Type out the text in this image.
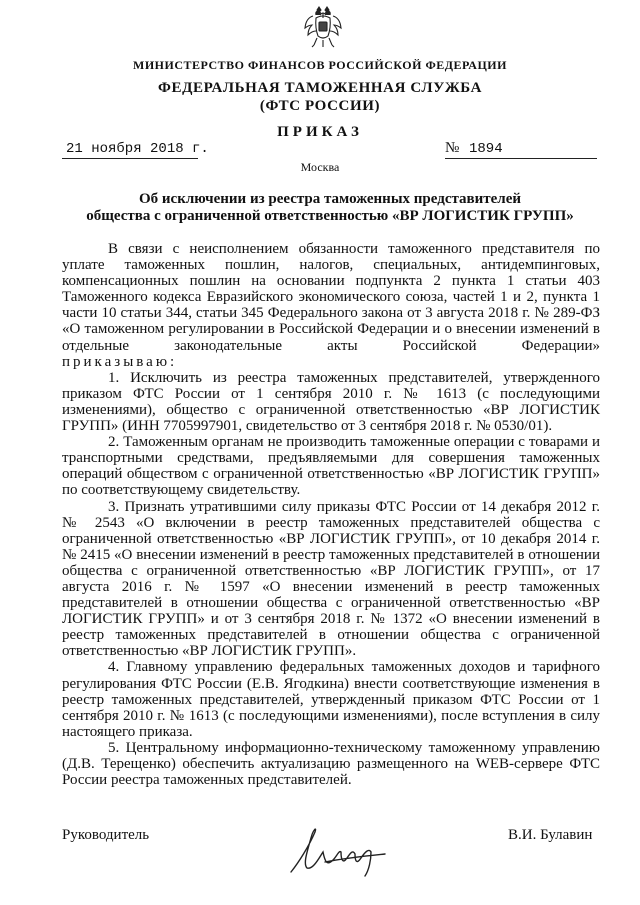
МИНИСТЕРСТВО ФИНАНСОВ РОССИЙСКОЙ ФЕДЕРАЦИИ
ФЕДЕРАЛЬНАЯ ТАМОЖЕННАЯ СЛУЖБА
(ФТС РОССИИ)
ПРИКАЗ
21 ноября 2018 г.	№ 1894
Москва
Об исключении из реестра таможенных представителей
общества с ограниченной ответственностью «ВР ЛОГИСТИК ГРУПП»

В связи с неисполнением обязанности таможенного представителя по уплате таможенных пошлин, налогов, специальных, антидемпинговых, компенсационных пошлин на основании подпункта 2 пункта 1 статьи 403 Таможенного кодекса Евразийского экономического союза, частей 1 и 2, пункта 1 части 10 статьи 344, статьи 345 Федерального закона от 3 августа 2018 г. № 289-ФЗ «О таможенном регулировании в Российской Федерации и о внесении изменений в отдельные законодательные акты Российской Федерации»

приказываю:

1. Исключить из реестра таможенных представителей, утвержденного приказом ФТС России от 1 сентября 2010 г. № 1613 (с последующими изменениями), общество с ограниченной ответственностью «ВР ЛОГИСТИК ГРУПП» (ИНН 7705997901, свидетельство от 3 сентября 2018 г. № 0530/01).

2. Таможенным органам не производить таможенные операции с товарами и транспортными средствами, предъявляемыми для совершения таможенных операций обществом с ограниченной ответственностью «ВР ЛОГИСТИК ГРУПП» по соответствующему свидетельству.

3. Признать утратившими силу приказы ФТС России от 14 декабря 2012 г. № 2543 «О включении в реестр таможенных представителей общества с ограниченной ответственностью «ВР ЛОГИСТИК ГРУПП», от 10 декабря 2014 г. № 2415 «О внесении изменений в реестр таможенных представителей в отношении общества с ограниченной ответственностью «ВР ЛОГИСТИК ГРУПП», от 17 августа 2016 г. № 1597 «О внесении изменений в реестр таможенных представителей в отношении общества с ограниченной ответственностью «ВР ЛОГИСТИК ГРУПП» и от 3 сентября 2018 г. № 1372 «О внесении изменений в реестр таможенных представителей в отношении общества с ограниченной ответственностью «ВР ЛОГИСТИК ГРУПП».

4. Главному управлению федеральных таможенных доходов и тарифного регулирования ФТС России (Е.В. Ягодкина) внести соответствующие изменения в реестр таможенных представителей, утвержденный приказом ФТС России от 1 сентября 2010 г. № 1613 (с последующими изменениями), после вступления в силу настоящего приказа.

5. Центральному информационно-техническому таможенному управлению (Д.В. Терещенко) обеспечить актуализацию размещенного на WEB-сервере ФТС России реестра таможенных представителей.

Руководитель	В.И. Булавин
